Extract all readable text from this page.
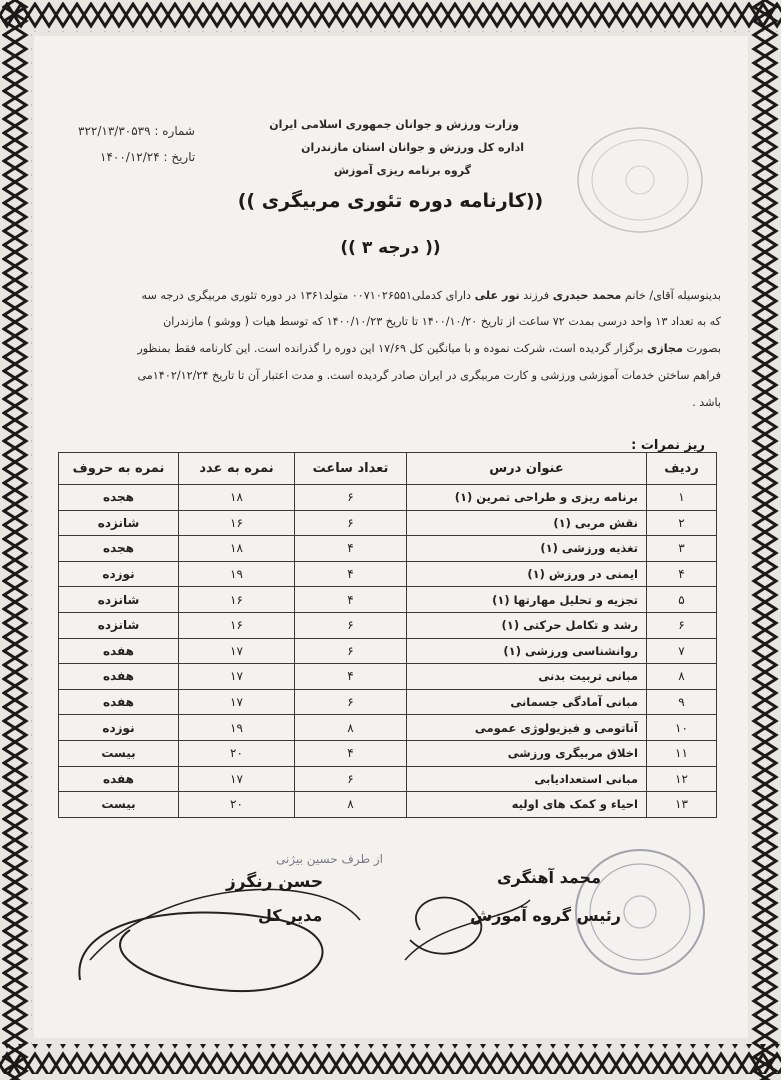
وزارت ورزش و جوانان جمهوری اسلامی ایران
اداره کل ورزش و جوانان استان مازندران
گروه برنامه ریزی آموزش
شماره : ۳۲۲/۱۳/۳۰۵۳۹
تاریخ : ۱۴۰۰/۱۲/۲۴
((کارنامه دوره تئوری مربیگری ))
(( درجه ۳ ))
بدینوسیله آقای/ خانم محمد حیدری فرزند نور علی دارای کدملی۰۰۷۱۰۲۶۵۵۱ متولد۱۳۶۱ در دوره تئوری مربیگری درجه سه
که به تعداد ۱۳ واحد درسی بمدت ۷۲ ساعت از تاریخ ۱۴۰۰/۱۰/۲۰ تا تاریخ ۱۴۰۰/۱۰/۲۳ که توسط هیات ( ووشو ) مازندران
بصورت مجازی برگزار گردیده است، شرکت نموده و با میانگین کل ۱۷/۶۹ این دوره را گذرانده است. این کارنامه فقط بمنظور
فراهم ساختن خدمات آموزشی ورزشی و کارت مربیگری در ایران صادر گردیده است. و مدت اعتبار آن تا تاریخ ۱۴۰۲/۱۲/۲۴می
باشد .
ریز نمرات :
ردیف	عنوان درس	تعداد ساعت	نمره به عدد	نمره به حروف
۱	برنامه ریزی و طراحی تمرین (۱)	۶	۱۸	هجده
۲	نقش مربی (۱)	۶	۱۶	شانزده
۳	تغذیه ورزشی (۱)	۴	۱۸	هجده
۴	ایمنی در ورزش (۱)	۴	۱۹	نوزده
۵	تجزیه و تحلیل مهارتها (۱)	۴	۱۶	شانزده
۶	رشد و تکامل حرکتی (۱)	۶	۱۶	شانزده
۷	روانشناسی ورزشی (۱)	۶	۱۷	هفده
۸	مبانی تربیت بدنی	۴	۱۷	هفده
۹	مبانی آمادگی جسمانی	۶	۱۷	هفده
۱۰	آناتومی و فیزیولوژی عمومی	۸	۱۹	نوزده
۱۱	اخلاق مربیگری ورزشی	۴	۲۰	بیست
۱۲	مبانی استعدادیابی	۶	۱۷	هفده
۱۳	احیاء و کمک های اولیه	۸	۲۰	بیست
محمد آهنگری
رئیس گروه آموزش
حسن رنگرز
مدیر کل
از طرف حسین بیژنی
